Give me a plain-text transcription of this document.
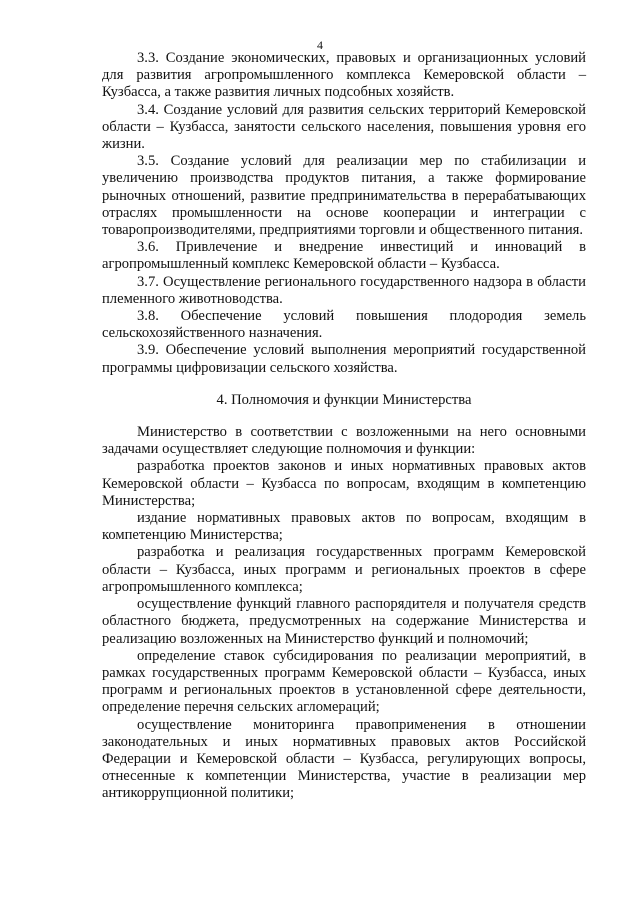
4

3.3. Создание экономических, правовых и организационных условий для развития агропромышленного комплекса Кемеровской области – Кузбасса, а также развития личных подсобных хозяйств.

3.4. Создание условий для развития сельских территорий Кемеровской области – Кузбасса, занятости сельского населения, повышения уровня его жизни.

3.5. Создание условий для реализации мер по стабилизации и увеличению производства продуктов питания, а также формирование рыночных отношений, развитие предпринимательства в перерабатывающих отраслях промышленности на основе кооперации и интеграции с товаропроизводителями, предприятиями торговли и общественного питания.

3.6. Привлечение и внедрение инвестиций и инноваций в агропромышленный комплекс Кемеровской области – Кузбасса.

3.7. Осуществление регионального государственного надзора в области племенного животноводства.

3.8. Обеспечение условий повышения плодородия земель сельскохозяйственного назначения.

3.9. Обеспечение условий выполнения мероприятий государственной программы цифровизации сельского хозяйства.

4. Полномочия и функции Министерства

Министерство в соответствии с возложенными на него основными задачами осуществляет следующие полномочия и функции:

разработка проектов законов и иных нормативных правовых актов Кемеровской области – Кузбасса по вопросам, входящим в компетенцию Министерства;

издание нормативных правовых актов по вопросам, входящим в компетенцию Министерства;

разработка и реализация государственных программ Кемеровской области – Кузбасса, иных программ и региональных проектов в сфере агропромышленного комплекса;

осуществление функций главного распорядителя и получателя средств областного бюджета, предусмотренных на содержание Министерства и реализацию возложенных на Министерство функций и полномочий;

определение ставок субсидирования по реализации мероприятий, в рамках государственных программ Кемеровской области – Кузбасса, иных программ и региональных проектов в установленной сфере деятельности, определение перечня сельских агломераций;

осуществление мониторинга правоприменения в отношении законодательных и иных нормативных правовых актов Российской Федерации и Кемеровской области – Кузбасса, регулирующих вопросы, отнесенные к компетенции Министерства, участие в реализации мер антикоррупционной политики;
